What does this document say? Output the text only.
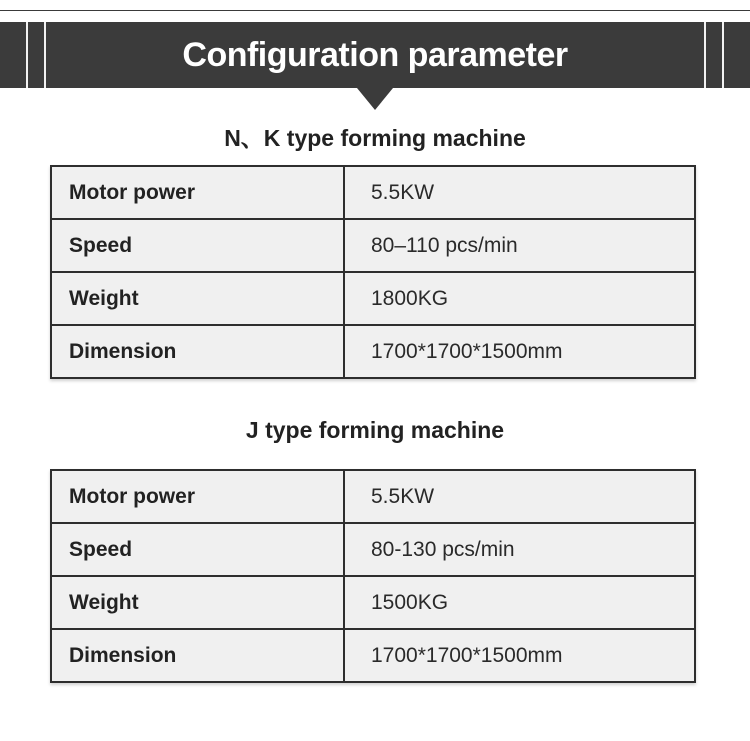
Configuration parameter
N、K type forming machine
Motor power	5.5KW
Speed	80–110 pcs/min
Weight	1800KG
Dimension	1700*1700*1500mm
J type forming machine
Motor power	5.5KW
Speed	80-130 pcs/min
Weight	1500KG
Dimension	1700*1700*1500mm
